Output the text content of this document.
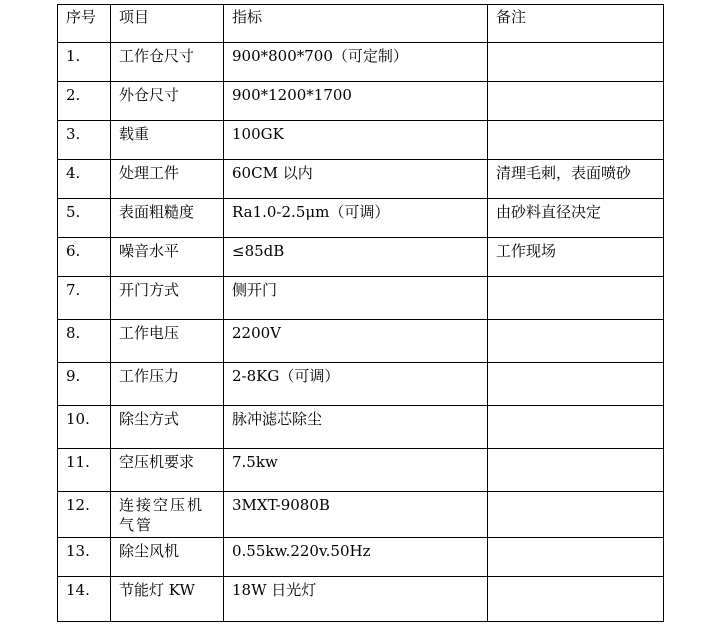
序号	项目	指标	备注
1.	工作仓尺寸	900*800*700（可定制）	
2.	外仓尺寸	900*1200*1700	
3.	载重	100GK	
4.	处理工件	60CM 以内	清理毛刺，表面喷砂
5.	表面粗糙度	Ra1.0-2.5μm（可调）	由砂料直径决定
6.	噪音水平	≤85dB	工作现场
7.	开门方式	侧开门	
8.	工作电压	2200V	
9.	工作压力	2-8KG（可调）	
10.	除尘方式	脉冲滤芯除尘	
11.	空压机要求	7.5kw	
12.	连接空压机气管	3MXT-9080B	
13.	除尘风机	0.55kw.220v.50Hz	
14.	节能灯 KW	18W 日光灯	
